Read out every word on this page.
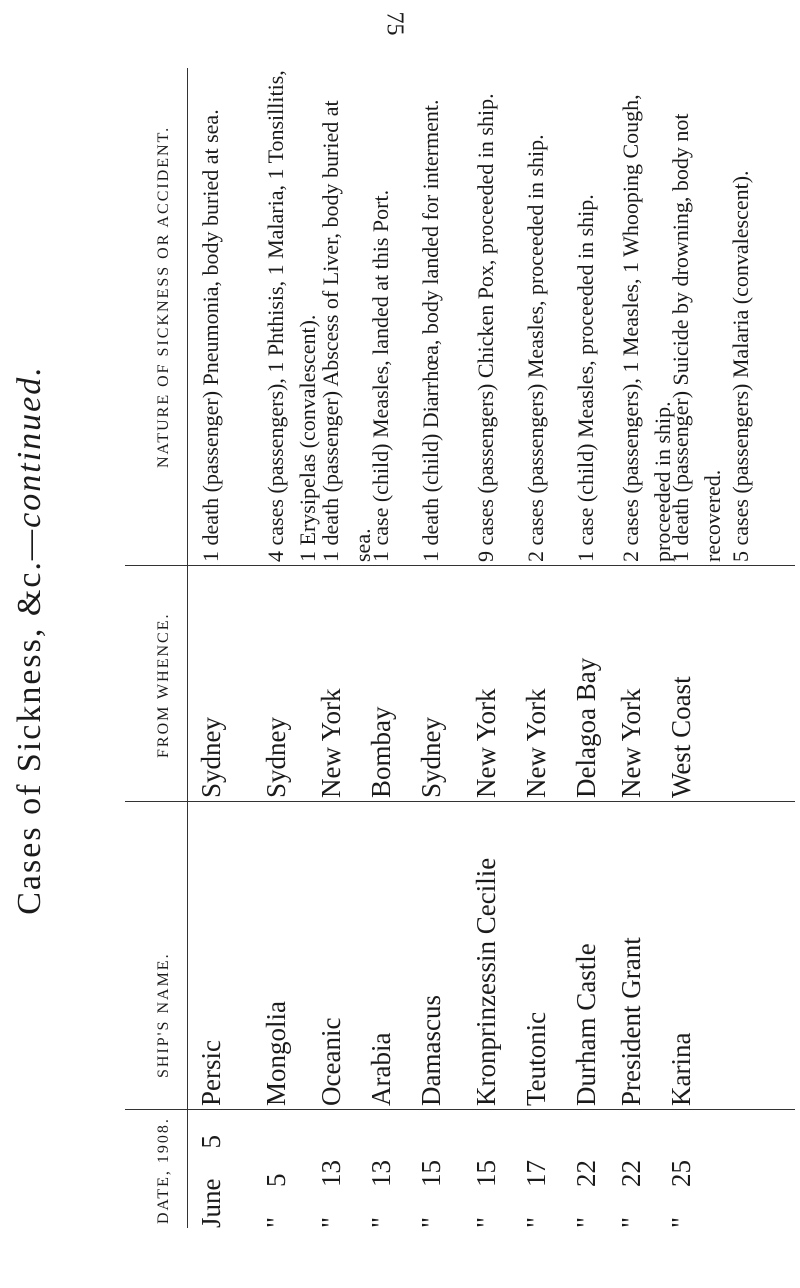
75
Cases of Sickness, &c.—continued.
DATE, 1908.
SHIP'S NAME.
FROM WHENCE.
NATURE OF SICKNESS OR ACCIDENT.
June5
Persic
Sydney
1 death (passenger) Pneumonia, body buried at sea.
"5
Mongolia
Sydney
4 cases (passengers), 1 Phthisis, 1 Malaria, 1 Tonsillitis, 1 Erysipelas (convalescent).
"13
Oceanic
New York
1 death (passenger) Abscess of Liver, body buried at sea.
"13
Arabia
Bombay
1 case (child) Measles, landed at this Port.
"15
Damascus
Sydney
1 death (child) Diarrhœa, body landed for interment.
"15
Kronprinzessin Cecilie
New York
9 cases (passengers) Chicken Pox, proceeded in ship.
"17
Teutonic
New York
2 cases (passengers) Measles, proceeded in ship.
"22
Durham Castle
Delagoa Bay
1 case (child) Measles, proceeded in ship.
"22
President Grant
New York
2 cases (passengers), 1 Measles, 1 Whooping Cough, proceeded in ship.
"25
Karina
West Coast
1 death (passenger) Suicide by drowning, body not recovered. 5 cases (passengers) Malaria (convalescent).
